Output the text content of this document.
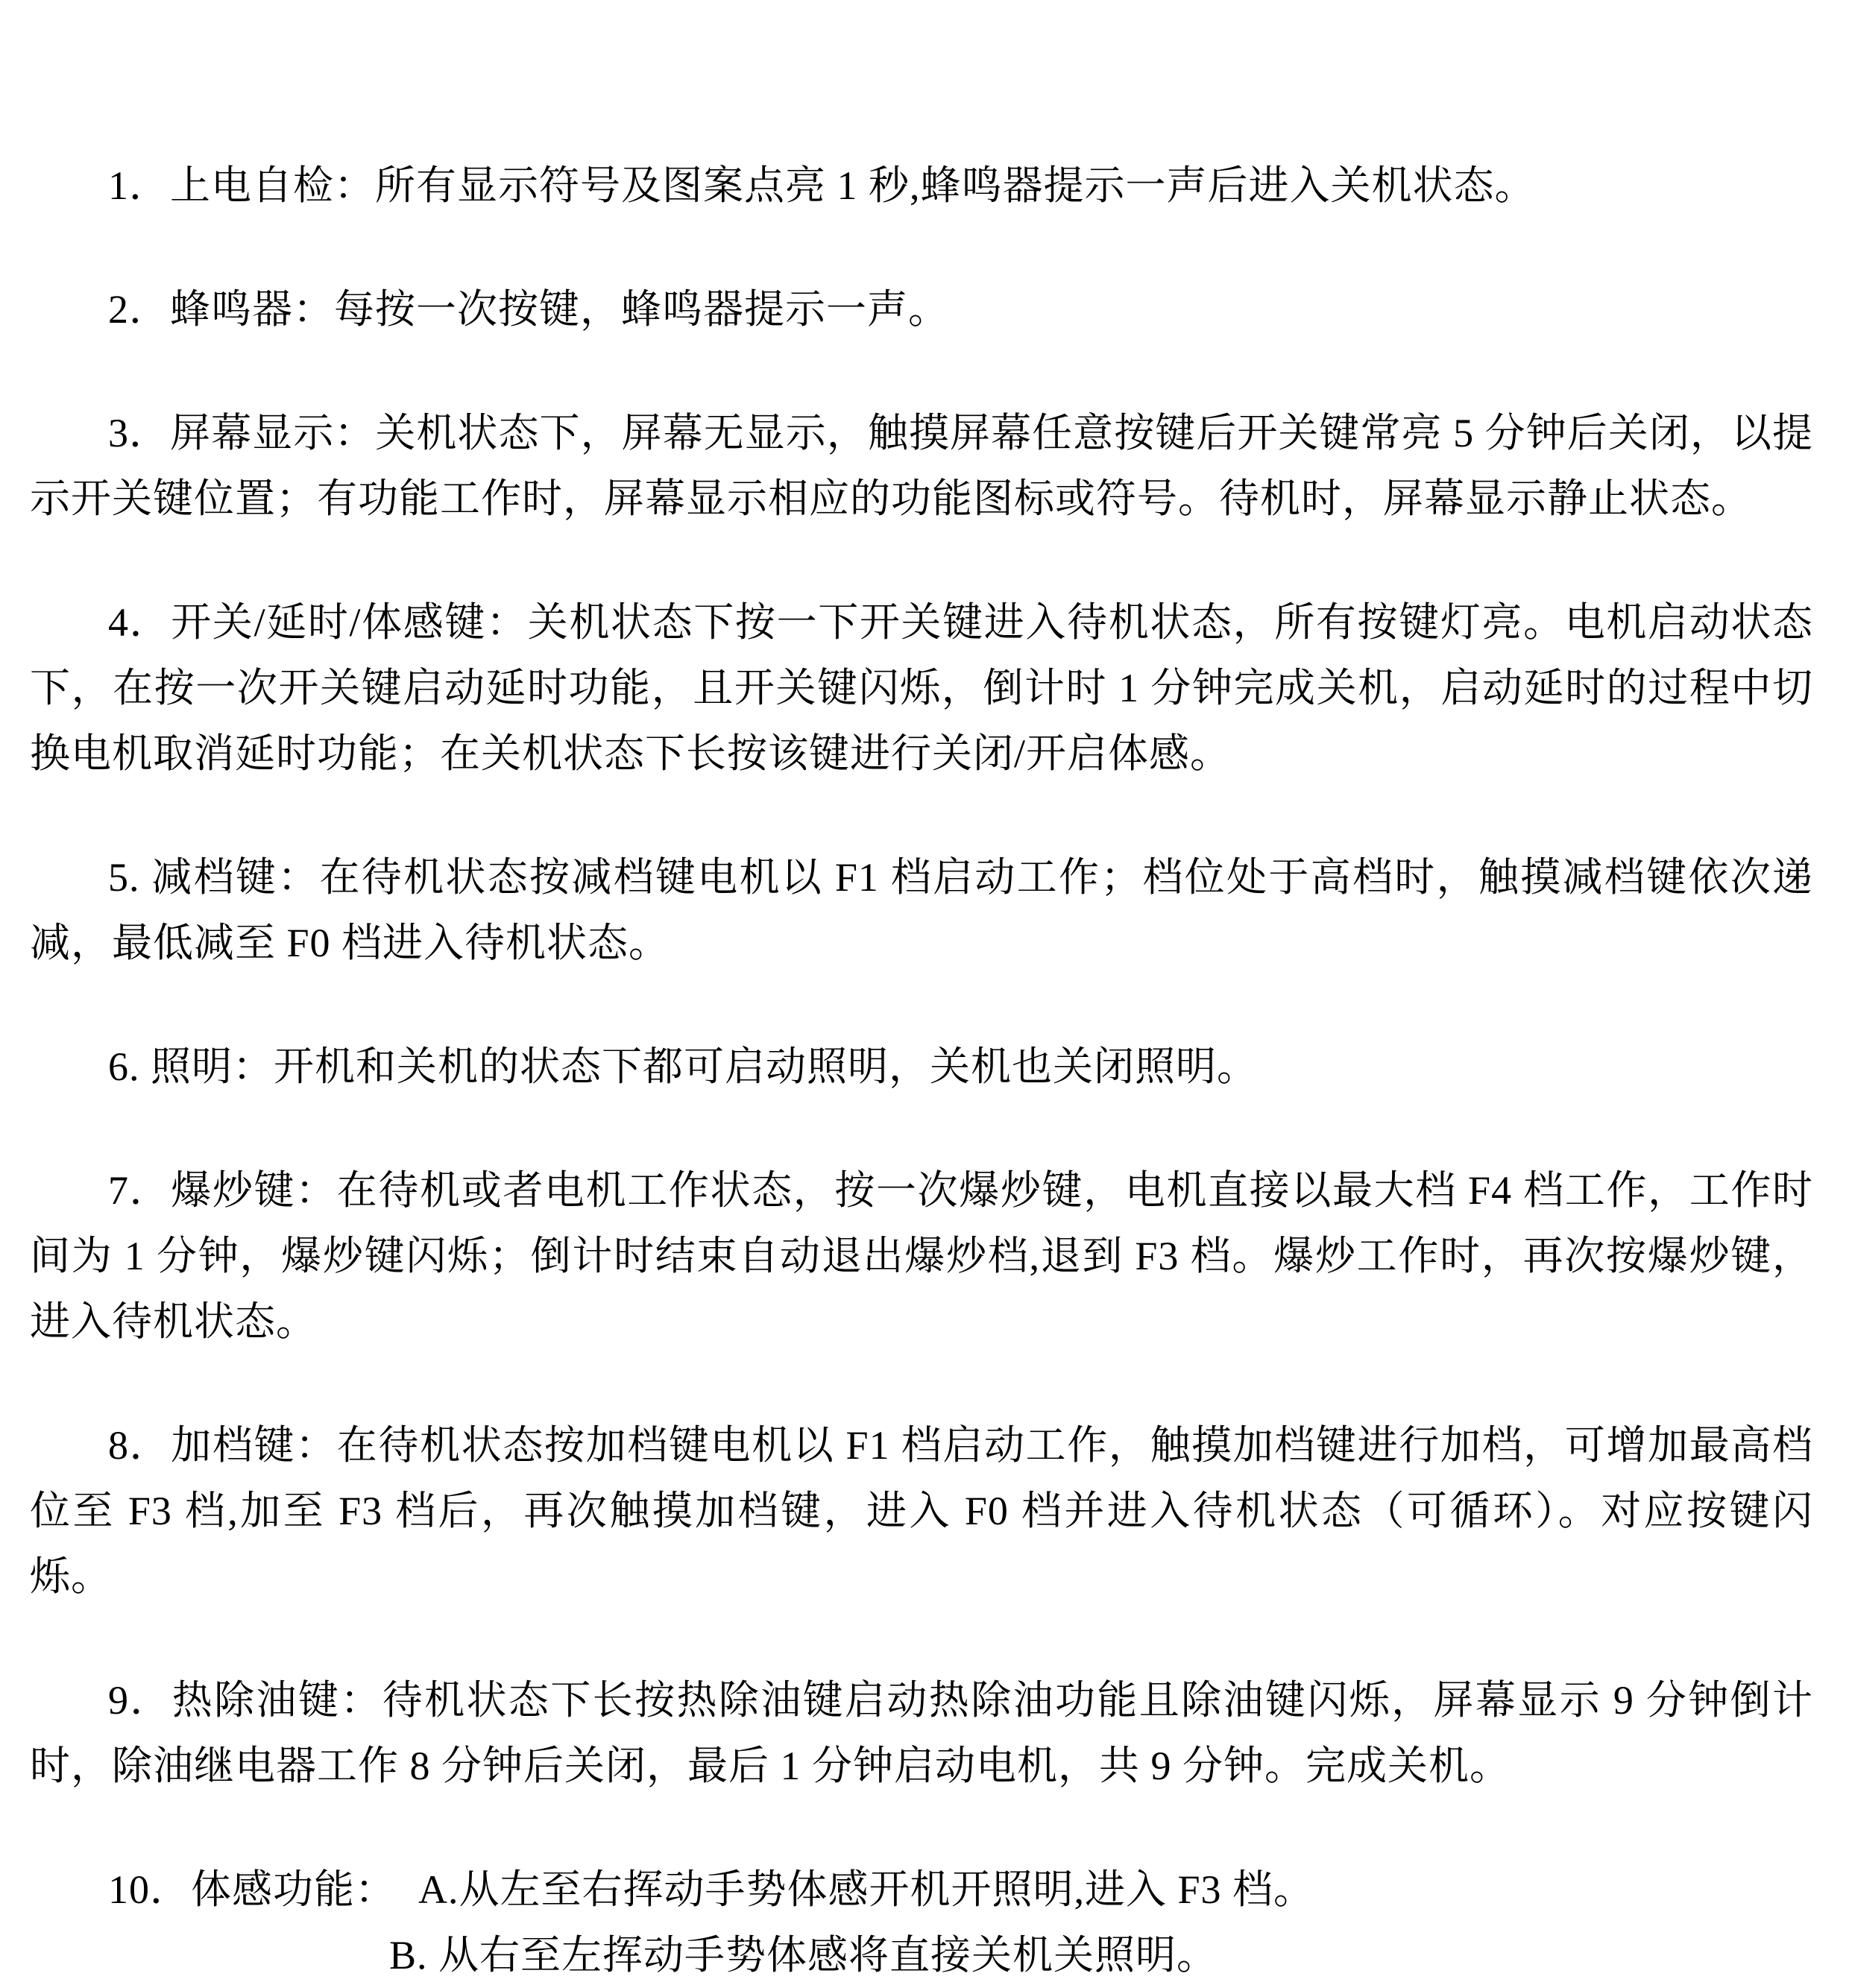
1．上电自检：所有显示符号及图案点亮 1 秒,蜂鸣器提示一声后进入关机状态。

2．蜂鸣器：每按一次按键，蜂鸣器提示一声。

3．屏幕显示：关机状态下，屏幕无显示，触摸屏幕任意按键后开关键常亮 5 分钟后关闭，以提示开关键位置；有功能工作时，屏幕显示相应的功能图标或符号。待机时，屏幕显示静止状态。

4．开关/延时/体感键：关机状态下按一下开关键进入待机状态，所有按键灯亮。电机启动状态下，在按一次开关键启动延时功能，且开关键闪烁，倒计时 1 分钟完成关机，启动延时的过程中切换电机取消延时功能；在关机状态下长按该键进行关闭/开启体感。

5. 减档键：在待机状态按减档键电机以 F1 档启动工作；档位处于高档时，触摸减档键依次递减，最低减至 F0 档进入待机状态。

6. 照明：开机和关机的状态下都可启动照明，关机也关闭照明。

7．爆炒键：在待机或者电机工作状态，按一次爆炒键，电机直接以最大档 F4 档工作，工作时间为 1 分钟，爆炒键闪烁；倒计时结束自动退出爆炒档,退到 F3 档。爆炒工作时，再次按爆炒键，进入待机状态。

8．加档键：在待机状态按加档键电机以 F1 档启动工作，触摸加档键进行加档，可增加最高档位至 F3 档,加至 F3 档后，再次触摸加档键，进入 F0 档并进入待机状态（可循环）。对应按键闪烁。

9．热除油键：待机状态下长按热除油键启动热除油功能且除油键闪烁，屏幕显示 9 分钟倒计时，除油继电器工作 8 分钟后关闭，最后 1 分钟启动电机，共 9 分钟。完成关机。

10．体感功能： A.从左至右挥动手势体感开机开照明,进入 F3 档。
B. 从右至左挥动手势体感将直接关机关照明。
